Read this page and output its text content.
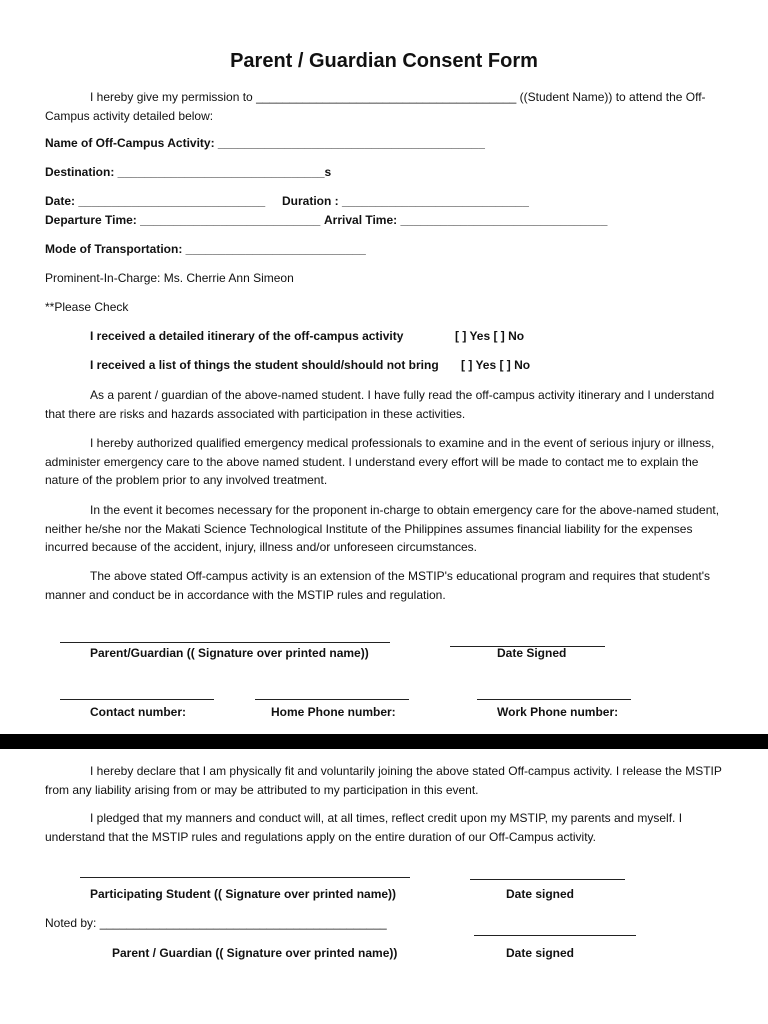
Parent / Guardian Consent Form
I hereby give my permission to _______________________________________ ((Student Name)) to attend the Off-Campus activity detailed below:
Name of Off-Campus Activity: ________________________________________
Destination: _______________________________s
Date: ____________________________ Duration : ____________________________
Departure Time: ___________________________ Arrival Time: _______________________________
Mode of Transportation: ___________________________
Prominent-In-Charge: Ms. Cherrie Ann Simeon
**Please Check
I received a detailed itinerary of the off-campus activity	[ ] Yes [ ] No
I received a list of things the student should/should not bring [ ] Yes [ ] No
As a parent / guardian of the above-named student. I have fully read the off-campus activity itinerary and I understand that there are risks and hazards associated with participation in these activities.
I hereby authorized qualified emergency medical professionals to examine and in the event of serious injury or illness, administer emergency care to the above named student. I understand every effort will be made to contact me to explain the nature of the problem prior to any involved treatment.
In the event it becomes necessary for the proponent in-charge to obtain emergency care for the above-named student, neither he/she nor the Makati Science Technological Institute of the Philippines assumes financial liability for the expenses incurred because of the accident, injury, illness and/or unforeseen circumstances.
The above stated Off-campus activity is an extension of the MSTIP's educational program and requires that student's manner and conduct be in accordance with the MSTIP rules and regulation.
Parent/Guardian (( Signature over printed name))	Date Signed
Contact number:	Home Phone number:	Work Phone number:
I hereby declare that I am physically fit and voluntarily joining the above stated Off-campus activity. I release the MSTIP from any liability arising from or may be attributed to my participation in this event.
I pledged that my manners and conduct will, at all times, reflect credit upon my MSTIP, my parents and myself. I understand that the MSTIP rules and regulations apply on the entire duration of our Off-Campus activity.
Participating Student (( Signature over printed name))	Date signed
Noted by: ___________________________________________
Parent / Guardian (( Signature over printed name))	Date signed
